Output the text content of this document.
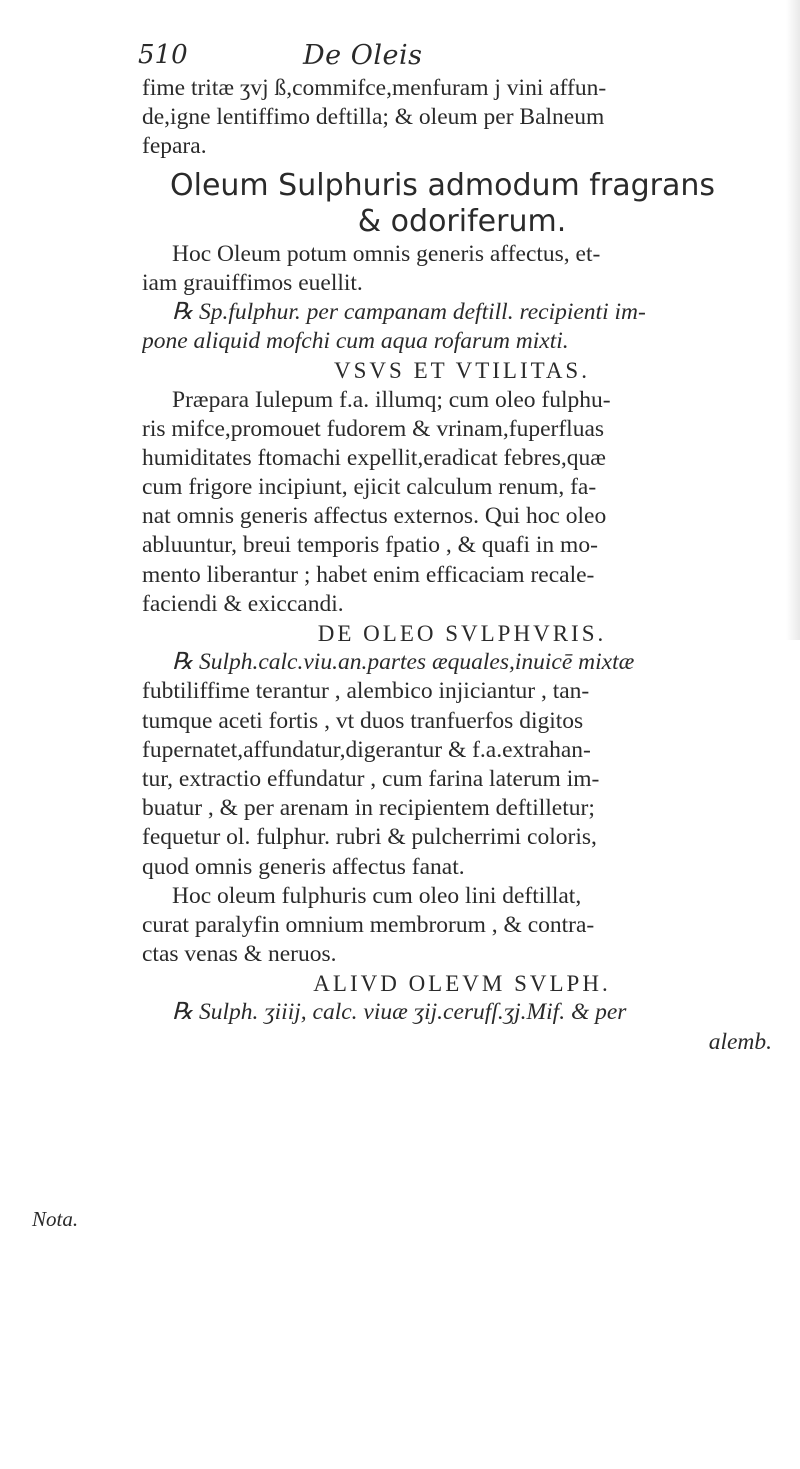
510	De Oleis
Nota.
fime tritæ ʒvj ß,commifce,menfuram j vini affun-
de,igne lentiffimo deftilla; & oleum per Balneum
fepara.
Oleum Sulphuris admodum fragrans
& odoriferum.
Hoc Oleum potum omnis generis affectus, et-
iam grauiffimos euellit.
℞ Sp.fulphur. per campanam deftill. recipienti im-
pone aliquid mofchi cum aqua rofarum mixti.
VSVS ET VTILITAS.
Præpara Iulepum f.a. illumq; cum oleo fulphu-
ris mifce,promouet fudorem & vrinam,fuperfluas
humiditates ftomachi expellit,eradicat febres,quæ
cum frigore incipiunt, ejicit calculum renum, fa-
nat omnis generis affectus externos. Qui hoc oleo
abluuntur, breui temporis fpatio , & quafi in mo-
mento liberantur ; habet enim efficaciam recale-
faciendi & exiccandi.
DE OLEO SVLPHVRIS.
℞ Sulph.calc.viu.an.partes æquales,inuicē mixtæ
fubtiliffime terantur , alembico injiciantur , tan-
tumque aceti fortis , vt duos tranfuerfos digitos
fupernatet,affundatur,digerantur & f.a.extrahan-
tur, extractio effundatur , cum farina laterum im-
buatur , & per arenam in recipientem deftilletur;
fequetur ol. fulphur. rubri & pulcherrimi coloris,
quod omnis generis affectus fanat.
Hoc oleum fulphuris cum oleo lini deftillat,
curat paralyfin omnium membrorum , & contra-
ctas venas & neruos.
ALIVD OLEVM SVLPH.
℞ Sulph. ʒiiij, calc. viuæ ʒij.cerufſ.ʒj.Mif. & per
alemb.
